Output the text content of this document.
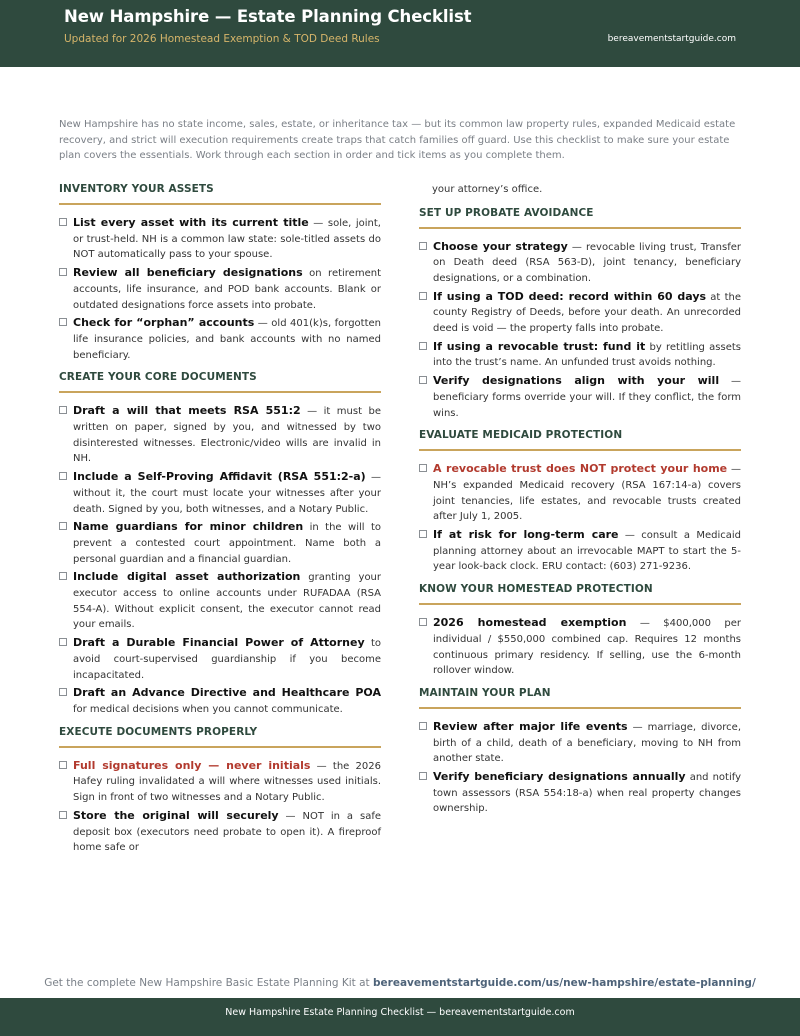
New Hampshire — Estate Planning Checklist
Updated for 2026 Homestead Exemption & TOD Deed Rules	bereavementstartguide.com

New Hampshire has no state income, sales, estate, or inheritance tax — but its common law property rules, expanded Medicaid estate recovery, and strict will execution requirements create traps that catch families off guard. Use this checklist to make sure your estate plan covers the essentials. Work through each section in order and tick items as you complete them.

INVENTORY YOUR ASSETS
List every asset with its current title — sole, joint, or trust-held. NH is a common law state: sole-titled assets do NOT automatically pass to your spouse.
Review all beneficiary designations on retirement accounts, life insurance, and POD bank accounts. Blank or outdated designations force assets into probate.
Check for “orphan” accounts — old 401(k)s, forgotten life insurance policies, and bank accounts with no named beneficiary.
CREATE YOUR CORE DOCUMENTS
Draft a will that meets RSA 551:2 — it must be written on paper, signed by you, and witnessed by two disinterested witnesses. Electronic/video wills are invalid in NH.
Include a Self-Proving Affidavit (RSA 551:2-a) — without it, the court must locate your witnesses after your death. Signed by you, both witnesses, and a Notary Public.
Name guardians for minor children in the will to prevent a contested court appointment. Name both a personal guardian and a financial guardian.
Include digital asset authorization granting your executor access to online accounts under RUFADAA (RSA 554-A). Without explicit consent, the executor cannot read your emails.
Draft a Durable Financial Power of Attorney to avoid court-supervised guardianship if you become incapacitated.
Draft an Advance Directive and Healthcare POA for medical decisions when you cannot communicate.
EXECUTE DOCUMENTS PROPERLY
Full signatures only — never initials — the 2026 Hafey ruling invalidated a will where witnesses used initials. Sign in front of two witnesses and a Notary Public.
Store the original will securely — NOT in a safe deposit box (executors need probate to open it). A fireproof home safe or
your attorney’s office.
SET UP PROBATE AVOIDANCE
Choose your strategy — revocable living trust, Transfer on Death deed (RSA 563-D), joint tenancy, beneficiary designations, or a combination.
If using a TOD deed: record within 60 days at the county Registry of Deeds, before your death. An unrecorded deed is void — the property falls into probate.
If using a revocable trust: fund it by retitling assets into the trust’s name. An unfunded trust avoids nothing.
Verify designations align with your will — beneficiary forms override your will. If they conflict, the form wins.
EVALUATE MEDICAID PROTECTION
A revocable trust does NOT protect your home — NH’s expanded Medicaid recovery (RSA 167:14-a) covers joint tenancies, life estates, and revocable trusts created after July 1, 2005.
If at risk for long-term care — consult a Medicaid planning attorney about an irrevocable MAPT to start the 5-year look-back clock. ERU contact: (603) 271-9236.
KNOW YOUR HOMESTEAD PROTECTION
2026 homestead exemption — $400,000 per individual / $550,000 combined cap. Requires 12 months continuous primary residency. If selling, use the 6-month rollover window.
MAINTAIN YOUR PLAN
Review after major life events — marriage, divorce, birth of a child, death of a beneficiary, moving to NH from another state.
Verify beneficiary designations annually and notify town assessors (RSA 554:18-a) when real property changes ownership.
Get the complete New Hampshire Basic Estate Planning Kit at bereavementstartguide.com/us/new-hampshire/estate-planning/
New Hampshire Estate Planning Checklist — bereavementstartguide.com
